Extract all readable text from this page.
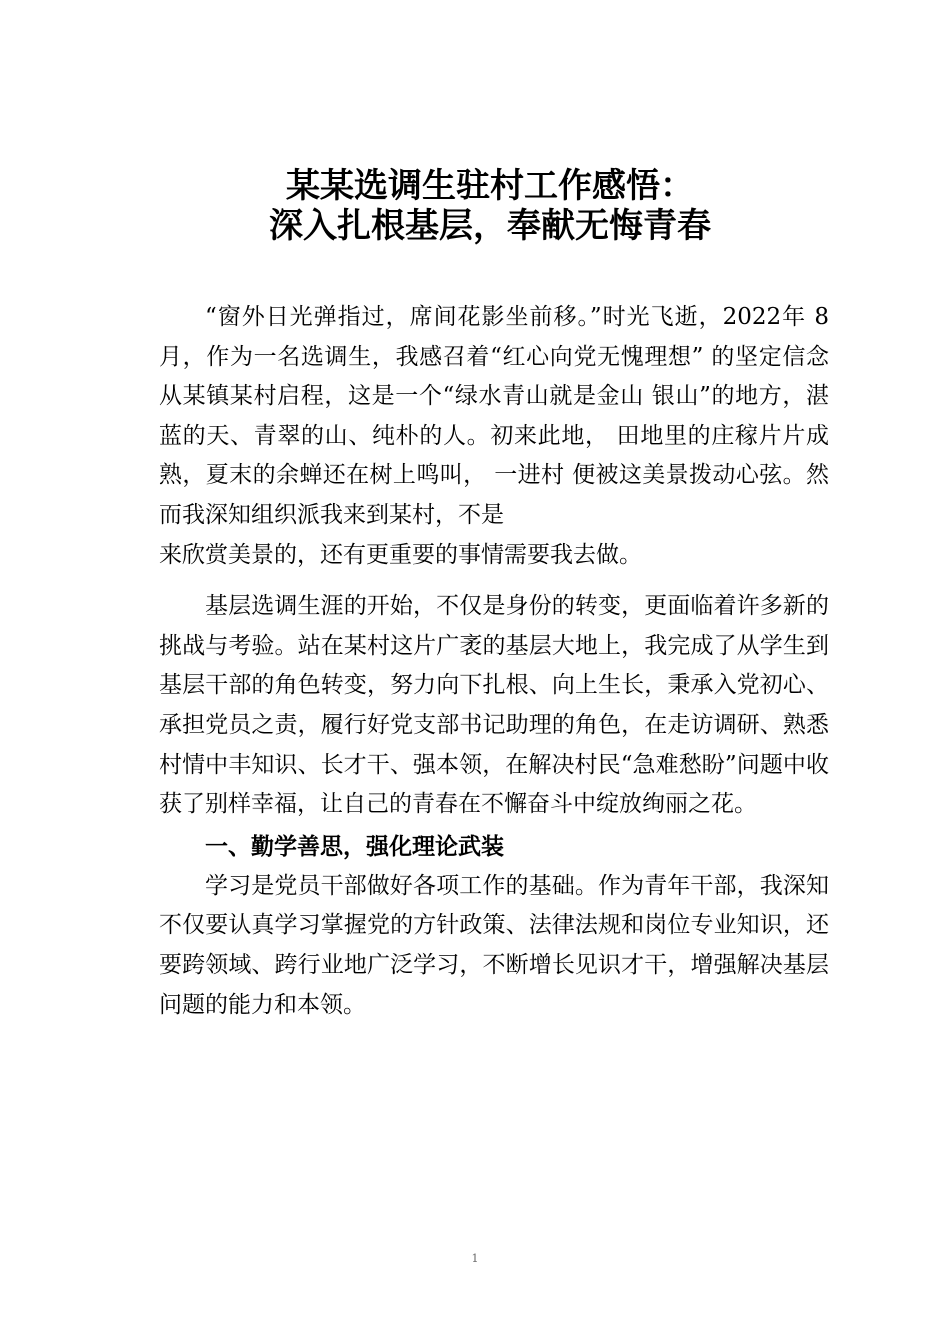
某某选调生驻村工作感悟：
深入扎根基层，奉献无悔青春

“窗外日光弹指过，席间花影坐前移。”时光飞逝，2022年 8 月，作为一名选调生，我感召着“红心向党无愧理想” 的坚定信念从某镇某村启程，这是一个“绿水青山就是金山 银山”的地方，湛蓝的天、青翠的山、纯朴的人。初来此地， 田地里的庄稼片片成熟，夏末的余蝉还在树上鸣叫， 一进村 便被这美景拨动心弦。然而我深知组织派我来到某村，不是

来欣赏美景的，还有更重要的事情需要我去做。

基层选调生涯的开始，不仅是身份的转变，更面临着许多新的挑战与考验。站在某村这片广袤的基层大地上，我完成了从学生到基层干部的角色转变，努力向下扎根、向上生长，秉承入党初心、承担党员之责，履行好党支部书记助理的角色，在走访调研、熟悉村情中丰知识、长才干、强本领，在解决村民“急难愁盼”问题中收获了别样幸福，让自己的青春在不懈奋斗中绽放绚丽之花。

一、勤学善思，强化理论武装

学习是党员干部做好各项工作的基础。作为青年干部，我深知不仅要认真学习掌握党的方针政策、法律法规和岗位专业知识，还要跨领域、跨行业地广泛学习，不断增长见识才干，增强解决基层问题的能力和本领。

1
